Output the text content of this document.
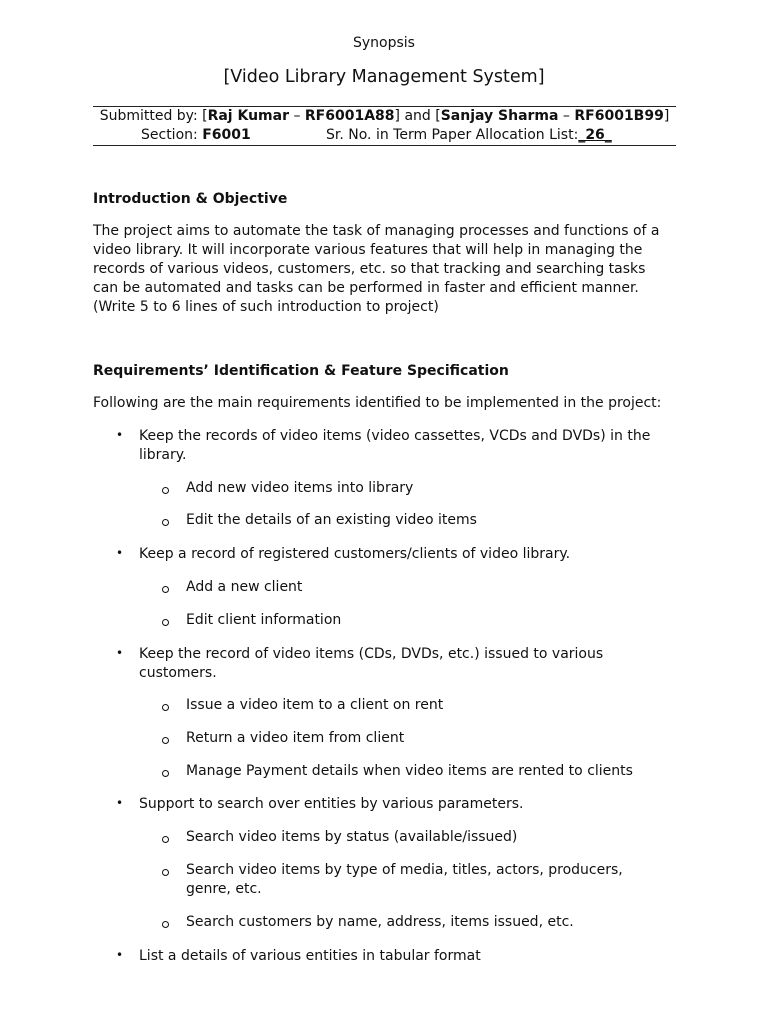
Synopsis
[Video Library Management System]
Submitted by: [Raj Kumar – RF6001A88] and [Sanjay Sharma – RF6001B99]
Section: F6001	Sr. No. in Term Paper Allocation List:_26_
Introduction & Objective
The project aims to automate the task of managing processes and functions of a
video library. It will incorporate various features that will help in managing the
records of various videos, customers, etc. so that tracking and searching tasks
can be automated and tasks can be performed in faster and efficient manner.
(Write 5 to 6 lines of such introduction to project)
Requirements’ Identification & Feature Specification
Following are the main requirements identified to be implemented in the project:
• Keep the records of video items (video cassettes, VCDs and DVDs) in the
library.
Add new video items into library
Edit the details of an existing video items
• Keep a record of registered customers/clients of video library.
Add a new client
Edit client information
• Keep the record of video items (CDs, DVDs, etc.) issued to various
customers.
Issue a video item to a client on rent
Return a video item from client
Manage Payment details when video items are rented to clients
• Support to search over entities by various parameters.
Search video items by status (available/issued)
Search video items by type of media, titles, actors, producers,
genre, etc.
Search customers by name, address, items issued, etc.
• List a details of various entities in tabular format
